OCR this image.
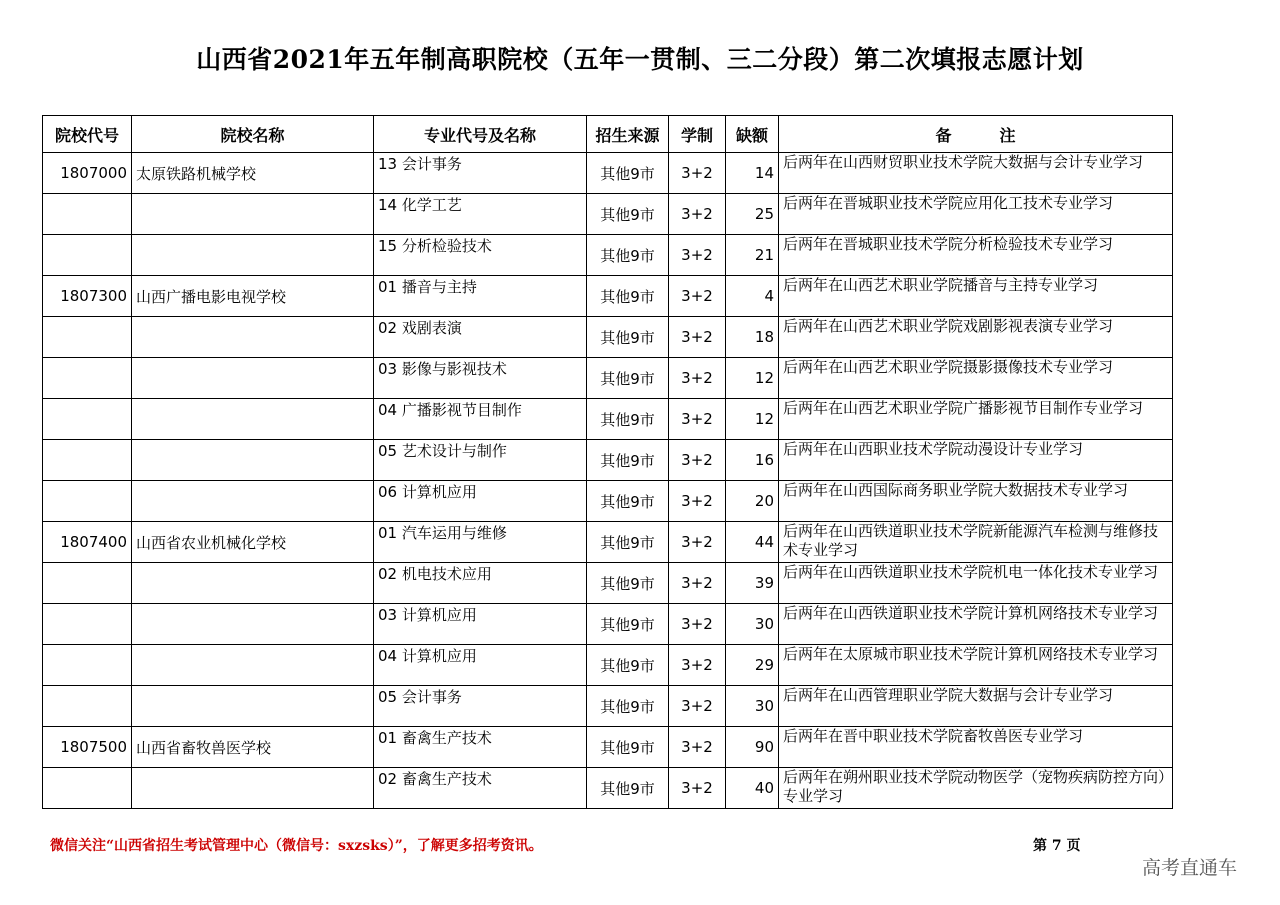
山西省2021年五年制高职院校（五年一贯制、三二分段）第二次填报志愿计划
院校代号	院校名称	专业代号及名称	招生来源	学制	缺额	备　　　注
1807000	太原铁路机械学校	13 会计事务	其他9市	3+2	14	后两年在山西财贸职业技术学院大数据与会计专业学习
		14 化学工艺	其他9市	3+2	25	后两年在晋城职业技术学院应用化工技术专业学习
		15 分析检验技术	其他9市	3+2	21	后两年在晋城职业技术学院分析检验技术专业学习
1807300	山西广播电影电视学校	01 播音与主持	其他9市	3+2	4	后两年在山西艺术职业学院播音与主持专业学习
		02 戏剧表演	其他9市	3+2	18	后两年在山西艺术职业学院戏剧影视表演专业学习
		03 影像与影视技术	其他9市	3+2	12	后两年在山西艺术职业学院摄影摄像技术专业学习
		04 广播影视节目制作	其他9市	3+2	12	后两年在山西艺术职业学院广播影视节目制作专业学习
		05 艺术设计与制作	其他9市	3+2	16	后两年在山西职业技术学院动漫设计专业学习
		06 计算机应用	其他9市	3+2	20	后两年在山西国际商务职业学院大数据技术专业学习
1807400	山西省农业机械化学校	01 汽车运用与维修	其他9市	3+2	44	后两年在山西铁道职业技术学院新能源汽车检测与维修技术专业学习
		02 机电技术应用	其他9市	3+2	39	后两年在山西铁道职业技术学院机电一体化技术专业学习
		03 计算机应用	其他9市	3+2	30	后两年在山西铁道职业技术学院计算机网络技术专业学习
		04 计算机应用	其他9市	3+2	29	后两年在太原城市职业技术学院计算机网络技术专业学习
		05 会计事务	其他9市	3+2	30	后两年在山西管理职业学院大数据与会计专业学习
1807500	山西省畜牧兽医学校	01 畜禽生产技术	其他9市	3+2	90	后两年在晋中职业技术学院畜牧兽医专业学习
		02 畜禽生产技术	其他9市	3+2	40	后两年在朔州职业技术学院动物医学（宠物疾病防控方向）专业学习
微信关注“山西省招生考试管理中心（微信号：sxzsks）”，了解更多招考资讯。	第 7 页
高考直通车
